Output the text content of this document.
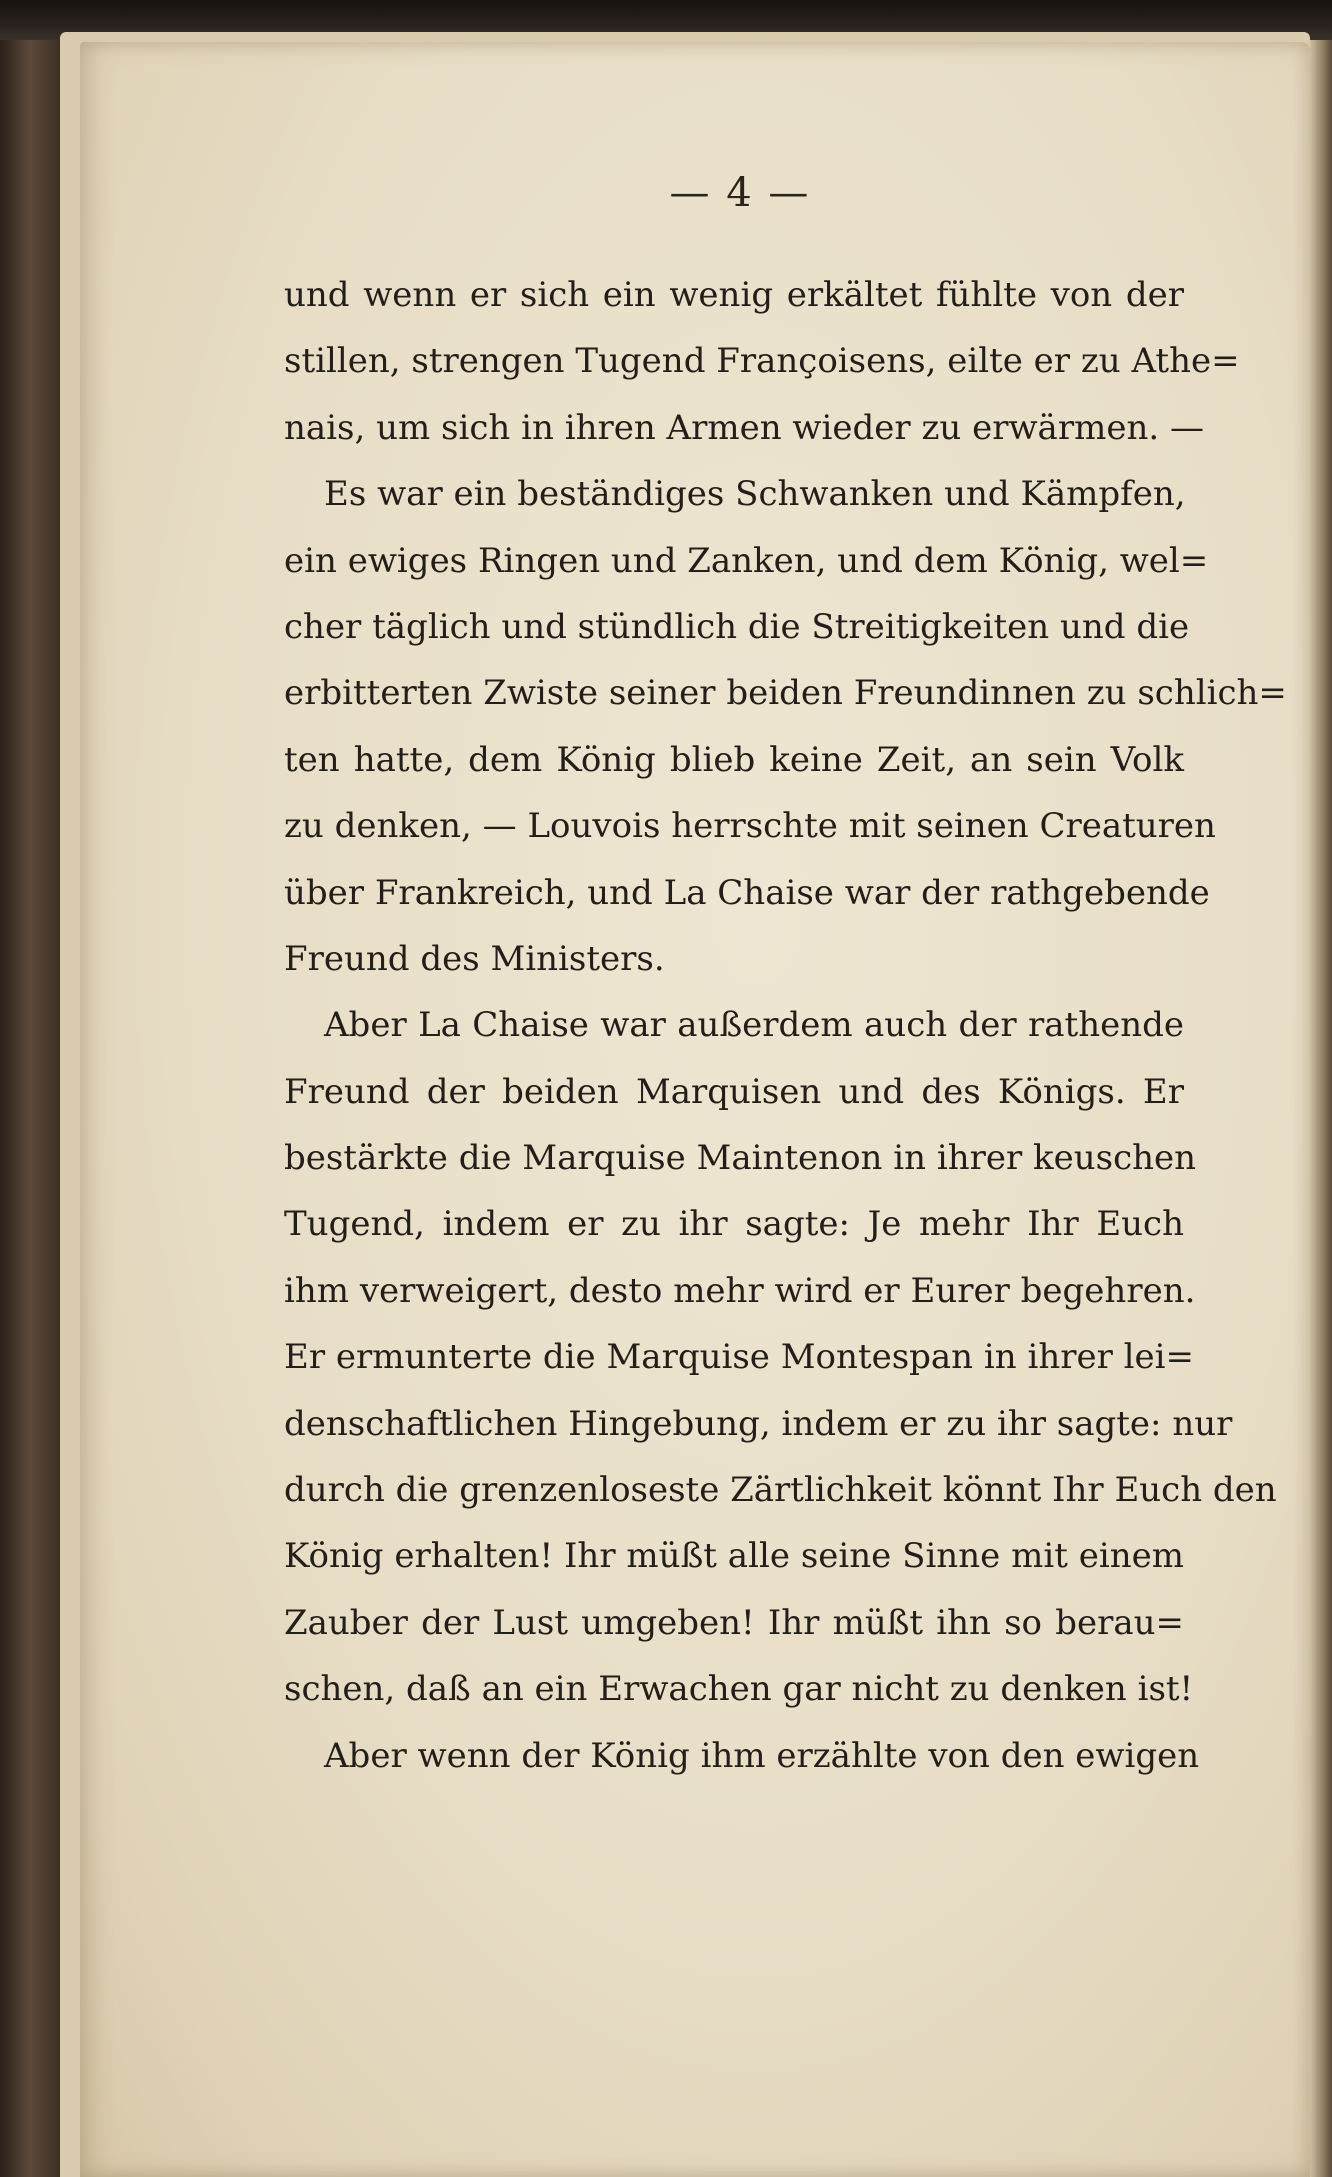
— 4 —
und wenn er sich ein wenig erkältet fühlte von der
stillen, strengen Tugend Françoisens, eilte er zu Athe=
nais, um sich in ihren Armen wieder zu erwärmen. —
Es war ein beständiges Schwanken und Kämpfen,
ein ewiges Ringen und Zanken, und dem König, wel=
cher täglich und stündlich die Streitigkeiten und die
erbitterten Zwiste seiner beiden Freundinnen zu schlich=
ten hatte, dem König blieb keine Zeit, an sein Volk
zu denken, — Louvois herrschte mit seinen Creaturen
über Frankreich, und La Chaise war der rathgebende
Freund des Ministers.
Aber La Chaise war außerdem auch der rathende
Freund der beiden Marquisen und des Königs. Er
bestärkte die Marquise Maintenon in ihrer keuschen
Tugend, indem er zu ihr sagte: Je mehr Ihr Euch
ihm verweigert, desto mehr wird er Eurer begehren.
Er ermunterte die Marquise Montespan in ihrer lei=
denschaftlichen Hingebung, indem er zu ihr sagte: nur
durch die grenzenloseste Zärtlichkeit könnt Ihr Euch den
König erhalten! Ihr müßt alle seine Sinne mit einem
Zauber der Lust umgeben! Ihr müßt ihn so berau=
schen, daß an ein Erwachen gar nicht zu denken ist!
Aber wenn der König ihm erzählte von den ewigen
